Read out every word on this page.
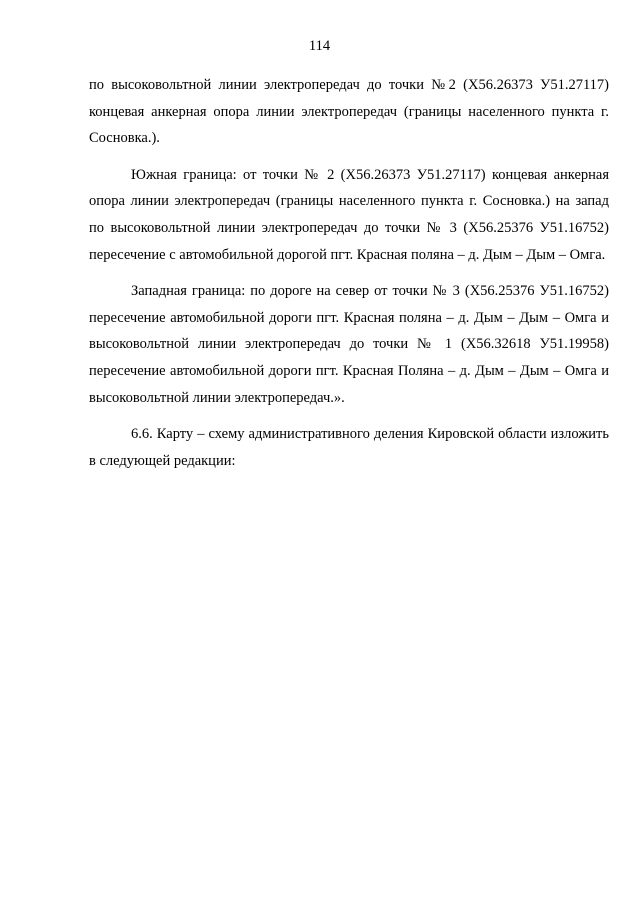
114

по высоковольтной линии электропередач до точки №2 (Х56.26373 У51.27117) концевая анкерная опора линии электропередач (границы населенного пункта г. Сосновка.).

Южная граница: от точки № 2 (Х56.26373 У51.27117) концевая анкерная опора линии электропередач (границы населенного пункта г. Сосновка.) на запад по высоковольтной линии электропередач до точки № 3 (Х56.25376 У51.16752) пересечение с автомобильной дорогой пгт. Красная поляна – д. Дым – Дым – Омга.

Западная граница: по дороге на север от точки № 3 (Х56.25376 У51.16752) пересечение автомобильной дороги пгт. Красная поляна – д. Дым – Дым – Омга и высоковольтной линии электропередач до точки № 1 (Х56.32618 У51.19958) пересечение автомобильной дороги пгт. Красная Поляна – д. Дым – Дым – Омга и высоковольтной линии электропередач.».

6.6. Карту – схему административного деления Кировской области изложить в следующей редакции:
